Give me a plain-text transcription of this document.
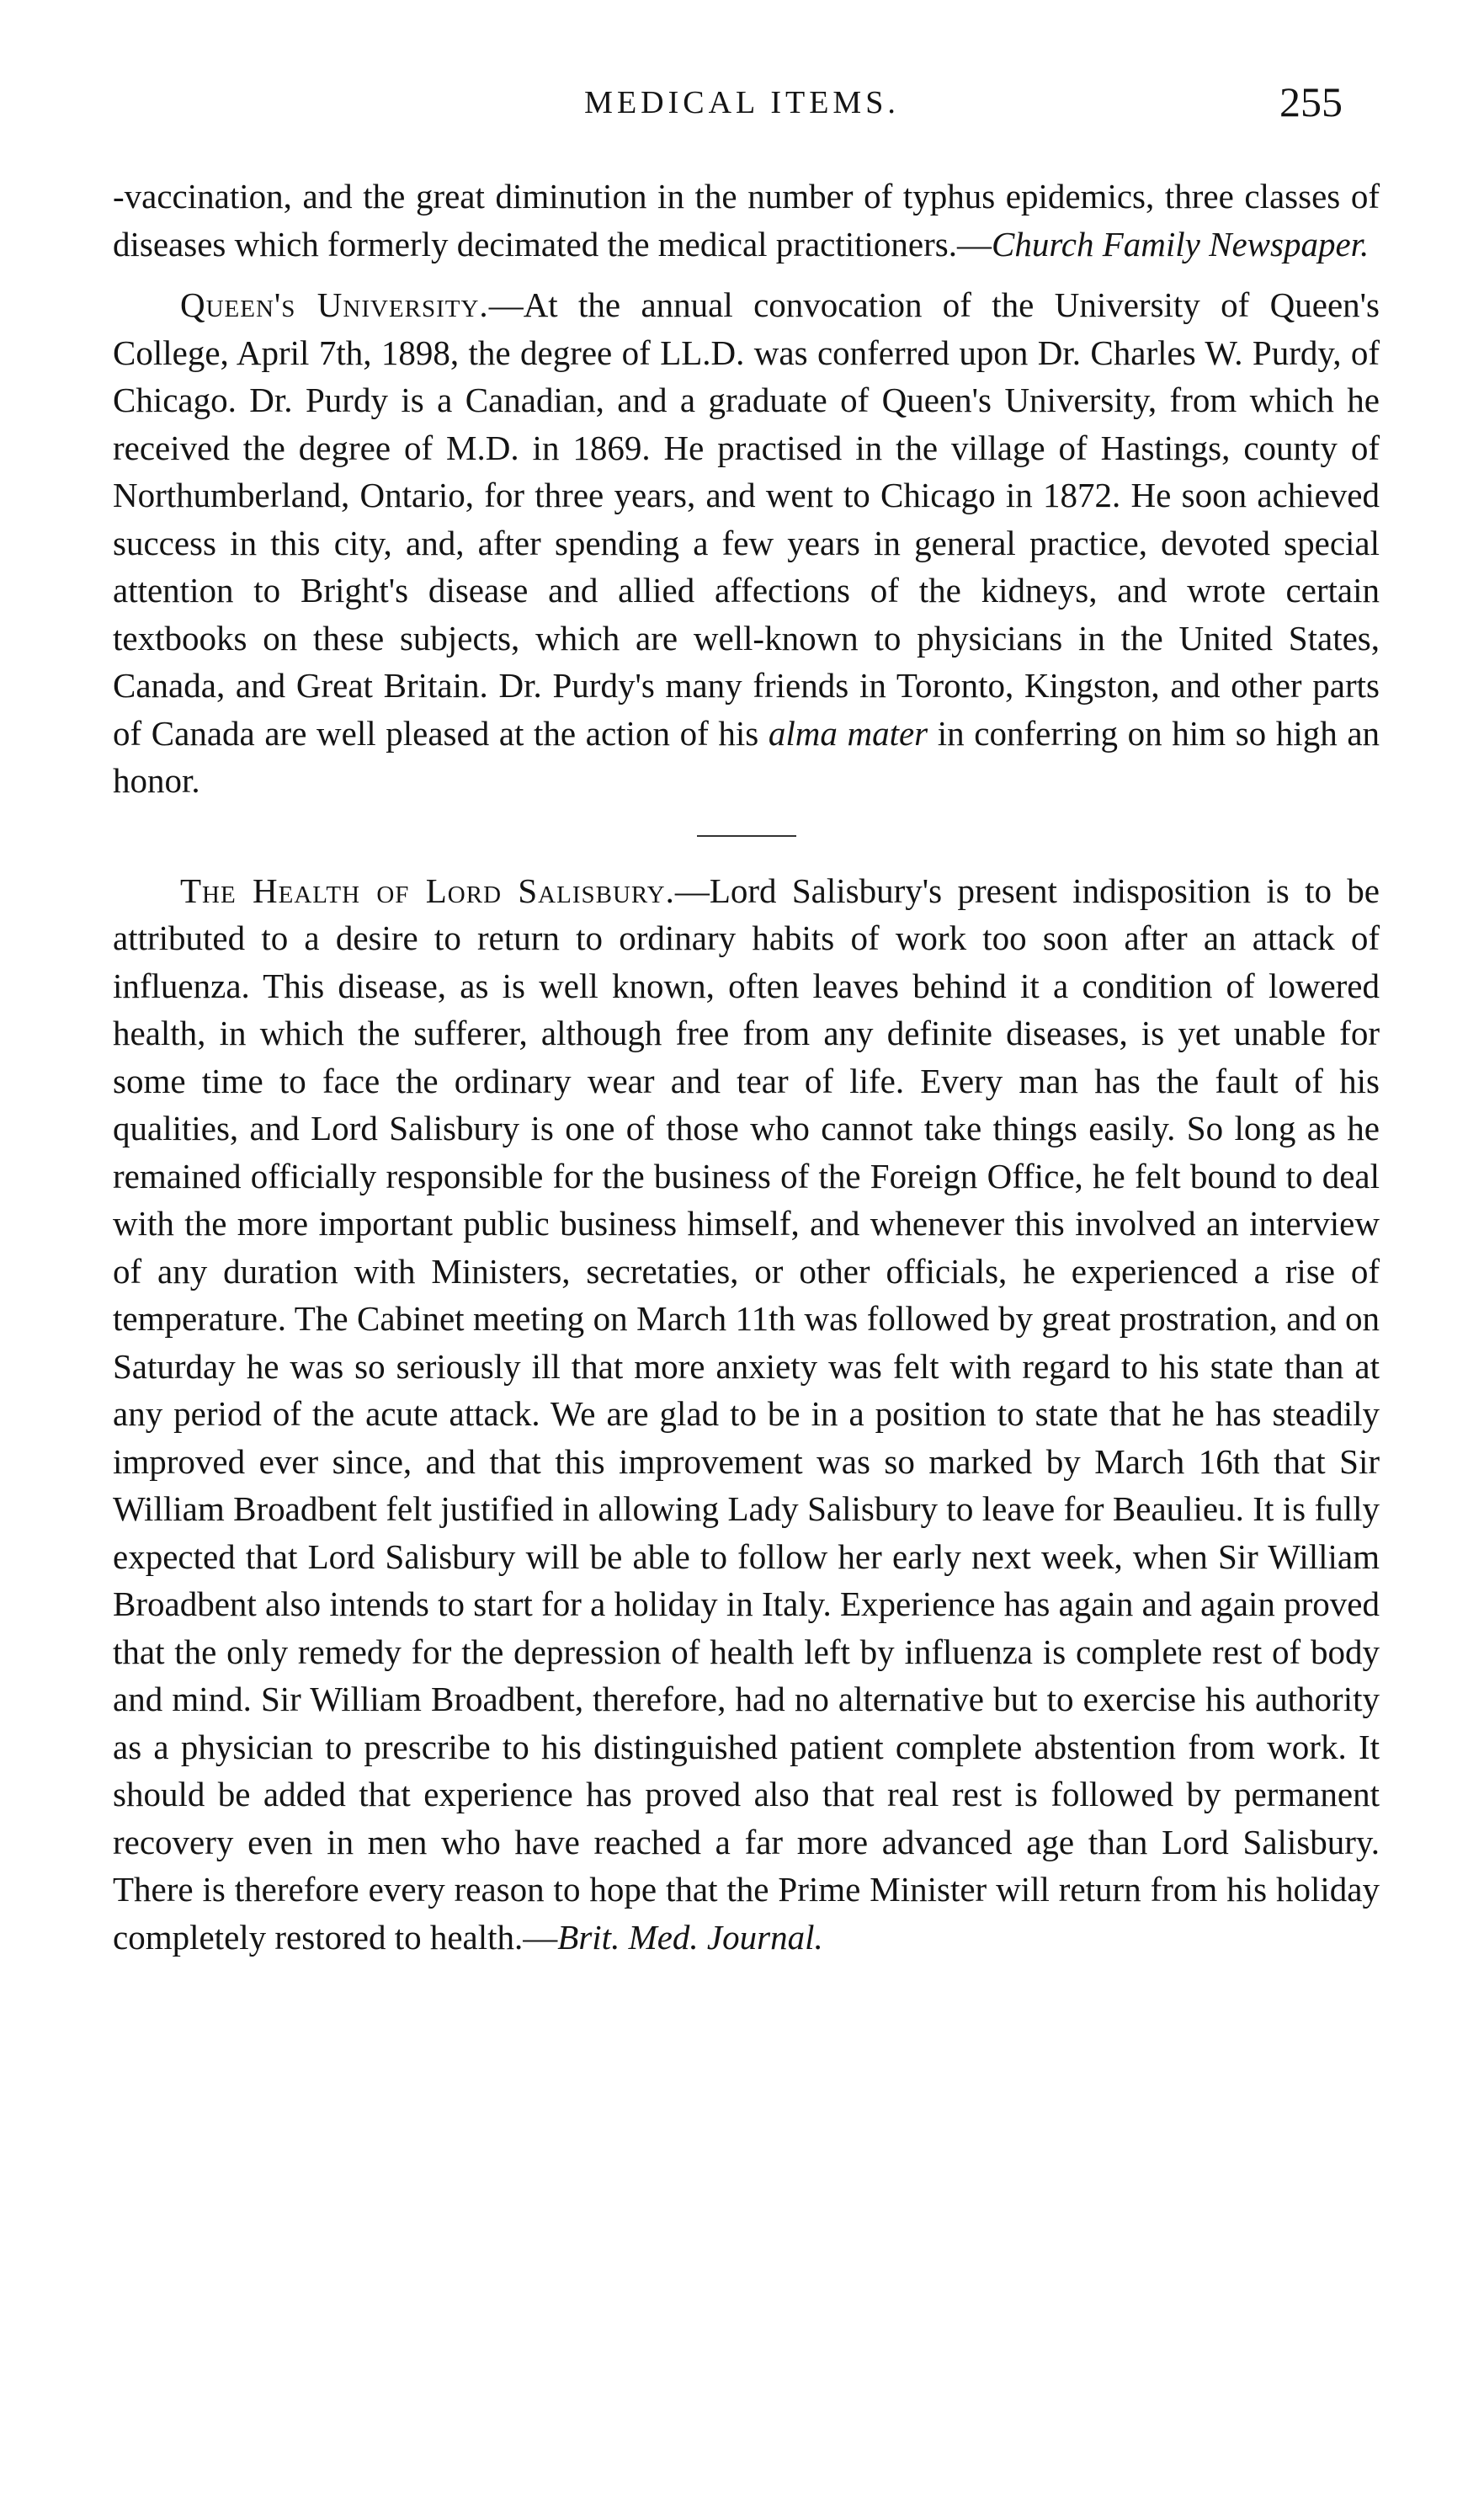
MEDICAL ITEMS.	255

-vaccination, and the great diminution in the number of typhus epidemics, three classes of diseases which formerly decimated the medical practitioners.—Church Family Newspaper.

Queen's University.—At the annual convocation of the University of Queen's College, April 7th, 1898, the degree of LL.D. was conferred upon Dr. Charles W. Purdy, of Chicago. Dr. Purdy is a Canadian, and a graduate of Queen's University, from which he received the degree of M.D. in 1869. He practised in the village of Hastings, county of Northumberland, Ontario, for three years, and went to Chicago in 1872. He soon achieved success in this city, and, after spending a few years in general practice, devoted special attention to Bright's disease and allied affections of the kidneys, and wrote certain textbooks on these subjects, which are well-known to physicians in the United States, Canada, and Great Britain. Dr. Purdy's many friends in Toronto, Kingston, and other parts of Canada are well pleased at the action of his alma mater in conferring on him so high an honor.

The Health of Lord Salisbury.—Lord Salisbury's present indisposition is to be attributed to a desire to return to ordinary habits of work too soon after an attack of influenza. This disease, as is well known, often leaves behind it a condition of lowered health, in which the sufferer, although free from any definite diseases, is yet unable for some time to face the ordinary wear and tear of life. Every man has the fault of his qualities, and Lord Salisbury is one of those who cannot take things easily. So long as he remained officially responsible for the business of the Foreign Office, he felt bound to deal with the more important public business himself, and whenever this involved an interview of any duration with Ministers, secretaties, or other officials, he experienced a rise of temperature. The Cabinet meeting on March 11th was followed by great prostration, and on Saturday he was so seriously ill that more anxiety was felt with regard to his state than at any period of the acute attack. We are glad to be in a position to state that he has steadily improved ever since, and that this improvement was so marked by March 16th that Sir William Broadbent felt justified in allowing Lady Salisbury to leave for Beaulieu. It is fully expected that Lord Salisbury will be able to follow her early next week, when Sir William Broadbent also intends to start for a holiday in Italy. Experience has again and again proved that the only remedy for the depression of health left by influenza is complete rest of body and mind. Sir William Broadbent, therefore, had no alternative but to exercise his authority as a physician to prescribe to his distinguished patient complete abstention from work. It should be added that experience has proved also that real rest is followed by permanent recovery even in men who have reached a far more advanced age than Lord Salisbury. There is therefore every reason to hope that the Prime Minister will return from his holiday completely restored to health.—Brit. Med. Journal.
